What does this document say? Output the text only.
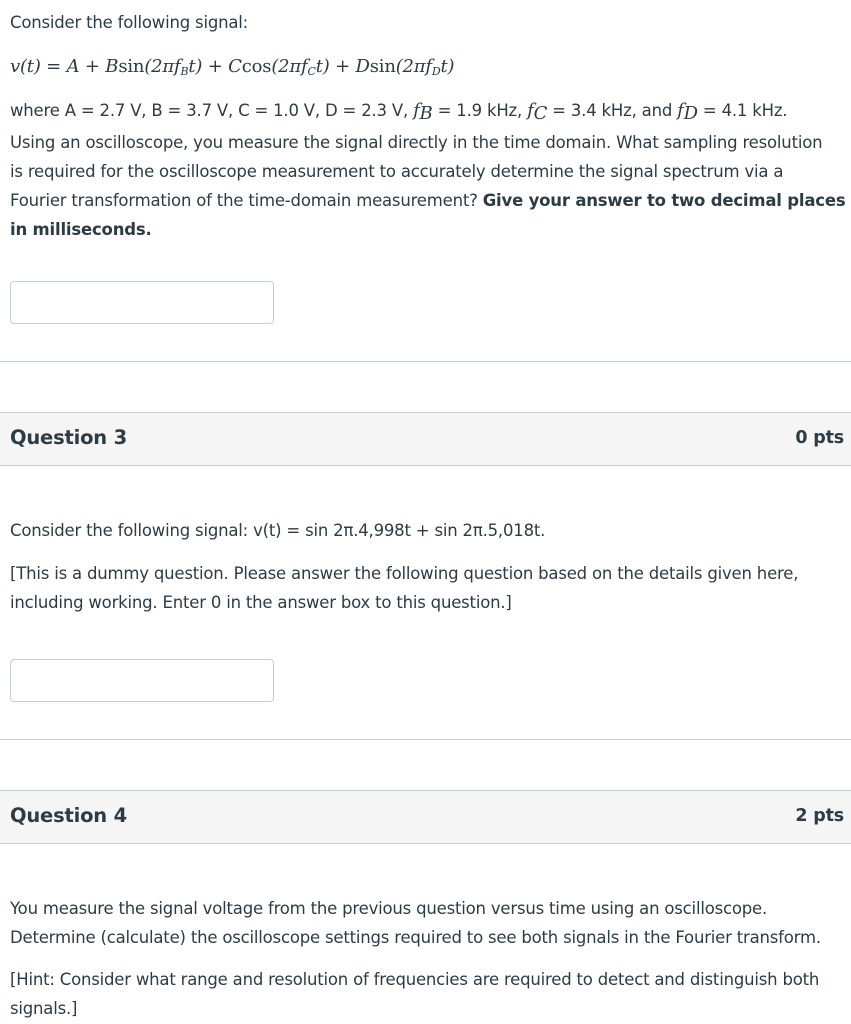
Consider the following signal:
$v(t) = A + Bsin(2\pi f_Bt) + Ccos(2\pi f_Ct) + Dsin(2\pi f_Dt)$
where A = 2.7 V, B = 3.7 V, C = 1.0 V, D = 2.3 V, $f_B = 1.9$ kHz, $f_C = 3.4$ kHz, and $f_D = 4.1$ kHz.
Using an oscilloscope, you measure the signal directly in the time domain. What sampling resolution
is required for the oscilloscope measurement to accurately determine the signal spectrum via a
Fourier transformation of the time-domain measurement? Give your answer to two decimal places
in milliseconds.
Question 3	0 pts
Consider the following signal: v(t) = sin 2π.4,998t + sin 2π.5,018t.
[This is a dummy question. Please answer the following question based on the details given here,
including working. Enter 0 in the answer box to this question.]
Question 4	2 pts
You measure the signal voltage from the previous question versus time using an oscilloscope.
Determine (calculate) the oscilloscope settings required to see both signals in the Fourier transform.
[Hint: Consider what range and resolution of frequencies are required to detect and distinguish both
signals.]
